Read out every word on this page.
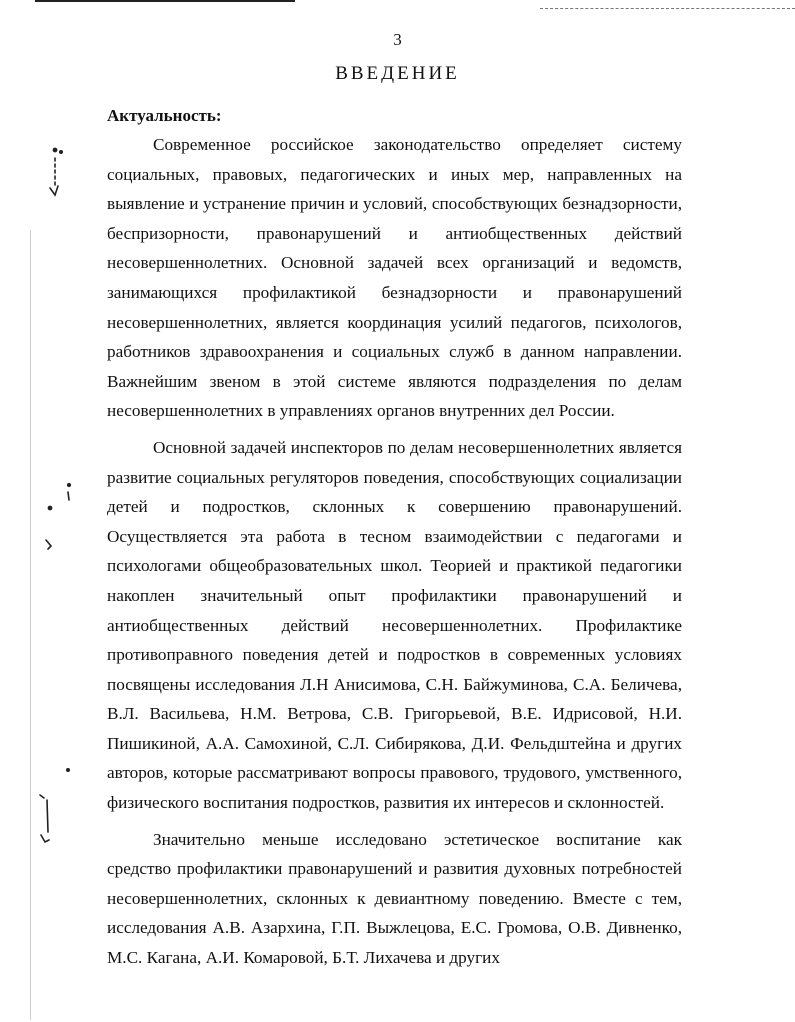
3
ВВЕДЕНИЕ
Актуальность:

Современное российское законодательство определяет систему социальных, правовых, педагогических и иных мер, направленных на выявление и устранение причин и условий, способствующих безнадзорности, беспризорности, правонарушений и антиобщественных действий несовершеннолетних. Основной задачей всех организаций и ведомств, занимающихся профилактикой безнадзорности и правонарушений несовершеннолетних, является координация усилий педагогов, психологов, работников здравоохранения и социальных служб в данном направлении. Важнейшим звеном в этой системе являются подразделения по делам несовершеннолетних в управлениях органов внутренних дел России.

Основной задачей инспекторов по делам несовершеннолетних является развитие социальных регуляторов поведения, способствующих социализации детей и подростков, склонных к совершению правонарушений. Осуществляется эта работа в тесном взаимодействии с педагогами и психологами общеобразовательных школ. Теорией и практикой педагогики накоплен значительный опыт профилактики правонарушений и антиобщественных действий несовершеннолетних. Профилактике противоправного поведения детей и подростков в современных условиях посвящены исследования Л.Н Анисимова, С.Н. Байжуминова, С.А. Беличева, В.Л. Васильева, Н.М. Ветрова, С.В. Григорьевой, В.Е. Идрисовой, Н.И. Пишикиной, А.А. Самохиной, С.Л. Сибирякова, Д.И. Фельдштейна и других авторов, которые рассматривают вопросы правового, трудового, умственного, физического воспитания подростков, развития их интересов и склонностей.

Значительно меньше исследовано эстетическое воспитание как средство профилактики правонарушений и развития духовных потребностей несовершеннолетних, склонных к девиантному поведению. Вместе с тем, исследования А.В. Азархина, Г.П. Выжлецова, Е.С. Громова, О.В. Дивненко, М.С. Кагана, А.И. Комаровой, Б.Т. Лихачева и других
